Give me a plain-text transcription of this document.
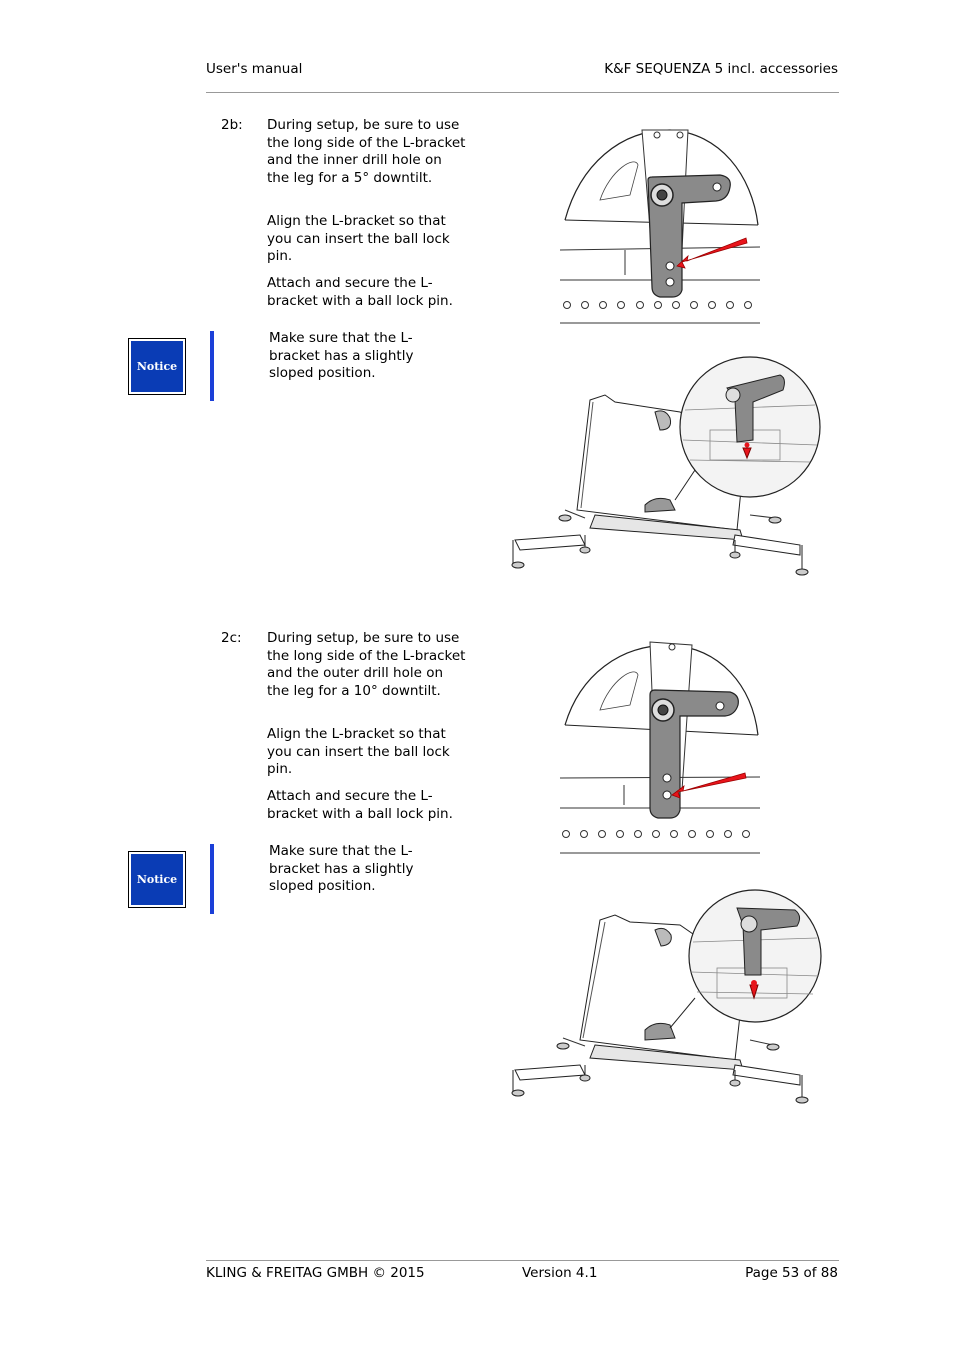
User's manual	K&F SEQUENZA 5 incl. accessories
2b: During setup, be sure to use the long side of the L-bracket and the inner drill hole on the leg for a 5° downtilt.

Align the L-bracket so that you can insert the ball lock pin.

Attach and secure the L-bracket with a ball lock pin.

Notice

Make sure that the L-bracket has a slightly sloped position.

2c: During setup, be sure to use the long side of the L-bracket and the outer drill hole on the leg for a 10° downtilt.

Align the L-bracket so that you can insert the ball lock pin.

Attach and secure the L-bracket with a ball lock pin.

Notice

Make sure that the L-bracket has a slightly sloped position.

KLING & FREITAG GMBH © 2015	Version 4.1	Page 53 of 88
